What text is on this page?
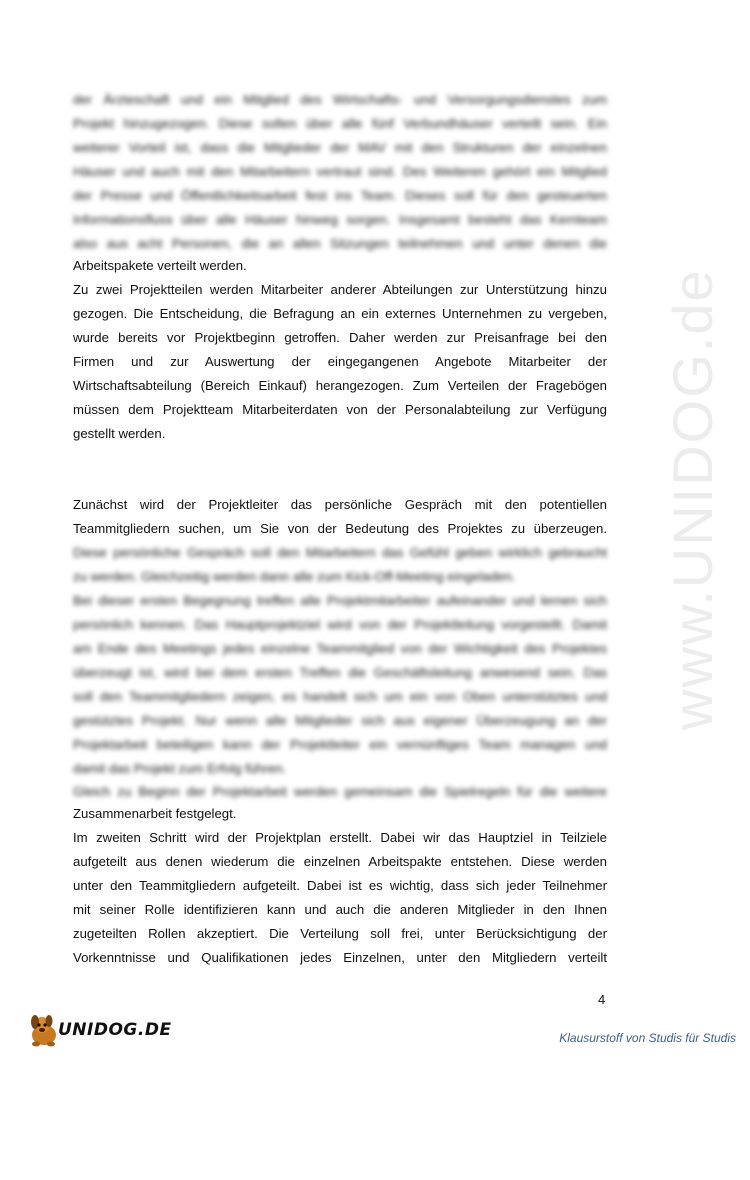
www.UNIDOG.de
der Ärzteschaft und ein Mitglied des Wirtschafts- und Versorgungsdienstes zum
Projekt hinzugezogen. Diese sollen über alle fünf Verbundhäuser verteilt sein. Ein
weiterer Vorteil ist, dass die Mitglieder der MAV mit den Strukturen der einzelnen
Häuser und auch mit den Mitarbeitern vertraut sind. Des Weiteren gehört ein Mitglied
der Presse und Öffentlichkeitsarbeit fest ins Team. Dieses soll für den gesteuerten
Informationsfluss über alle Häuser hinweg sorgen. Insgesamt besteht das Kernteam
also aus acht Personen, die an allen Sitzungen teilnehmen und unter denen die
Arbeitspakete verteilt werden.
Zu zwei Projektteilen werden Mitarbeiter anderer Abteilungen zur Unterstützung hinzu
gezogen. Die Entscheidung, die Befragung an ein externes Unternehmen zu vergeben,
wurde bereits vor Projektbeginn getroffen. Daher werden zur Preisanfrage bei den
Firmen und zur Auswertung der eingegangenen Angebote Mitarbeiter der
Wirtschaftsabteilung (Bereich Einkauf) herangezogen. Zum Verteilen der Fragebögen
müssen dem Projektteam Mitarbeiterdaten von der Personalabteilung zur Verfügung
gestellt werden.
Zunächst wird der Projektleiter das persönliche Gespräch mit den potentiellen
Teammitgliedern suchen, um Sie von der Bedeutung des Projektes zu überzeugen.
Diese persönliche Gespräch soll den Mitarbeitern das Gefühl geben wirklich gebraucht
zu werden. Gleichzeitig werden dann alle zum Kick-Off-Meeting eingeladen.
Bei dieser ersten Begegnung treffen alle Projektmitarbeiter aufeinander und lernen sich
persönlich kennen. Das Hauptprojektziel wird von der Projektleitung vorgestellt. Damit
am Ende des Meetings jedes einzelne Teammitglied von der Wichtigkeit des Projektes
überzeugt ist, wird bei dem ersten Treffen die Geschäftsleitung anwesend sein. Das
soll den Teammitgliedern zeigen, es handelt sich um ein von Oben unterstütztes und
gestütztes Projekt. Nur wenn alle Mitglieder sich aus eigener Überzeugung an der
Projektarbeit beteiligen kann der Projektleiter ein vernünftiges Team managen und
damit das Projekt zum Erfolg führen.
Gleich zu Beginn der Projektarbeit werden gemeinsam die Spielregeln für die weitere
Zusammenarbeit festgelegt.
Im zweiten Schritt wird der Projektplan erstellt. Dabei wir das Hauptziel in Teilziele
aufgeteilt aus denen wiederum die einzelnen Arbeitspakte entstehen. Diese werden
unter den Teammitgliedern aufgeteilt. Dabei ist es wichtig, dass sich jeder Teilnehmer
mit seiner Rolle identifizieren kann und auch die anderen Mitglieder in den Ihnen
zugeteilten Rollen akzeptiert. Die Verteilung soll frei, unter Berücksichtigung der
Vorkenntnisse und Qualifikationen jedes Einzelnen, unter den Mitgliedern verteilt
4
UNIDOG.DE	Klausurstoff von Studis für Studis
